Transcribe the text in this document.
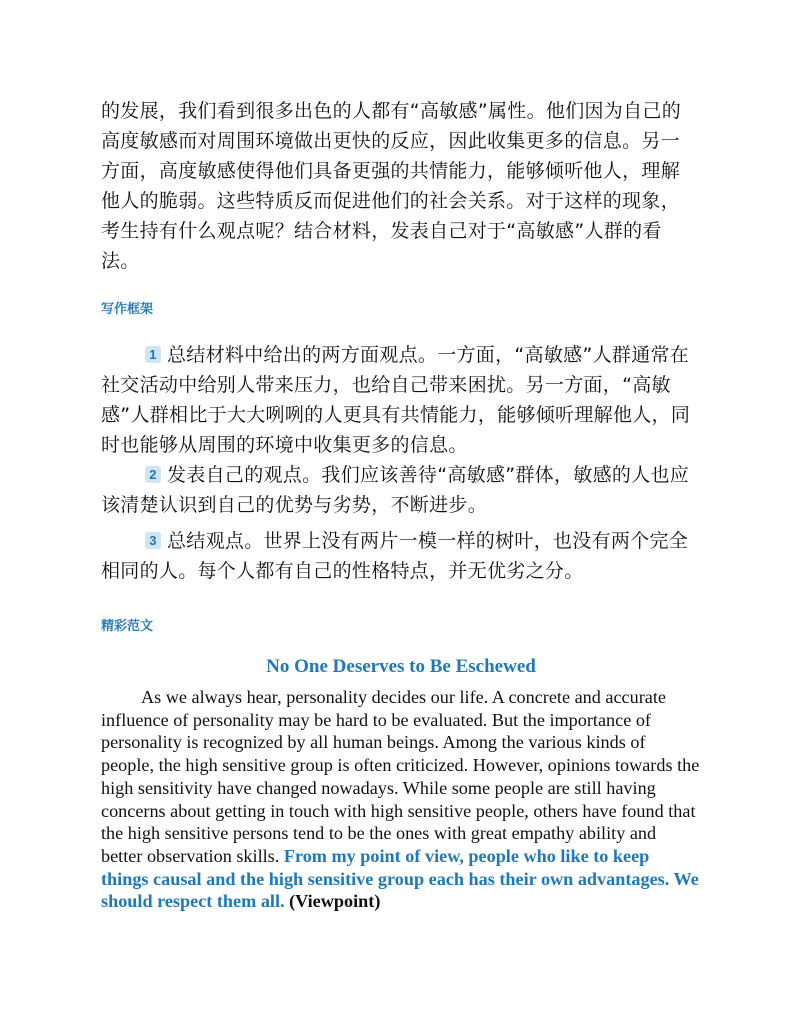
的发展，我们看到很多出色的人都有“高敏感”属性。他们因为自己的
高度敏感而对周围环境做出更快的反应，因此收集更多的信息。另一
方面，高度敏感使得他们具备更强的共情能力，能够倾听他人，理解
他人的脆弱。这些特质反而促进他们的社会关系。对于这样的现象，
考生持有什么观点呢？结合材料，发表自己对于“高敏感”人群的看
法。
写作框架
1 总结材料中给出的两方面观点。一方面，“高敏感”人群通常在
社交活动中给别人带来压力，也给自己带来困扰。另一方面，“高敏
感”人群相比于大大咧咧的人更具有共情能力，能够倾听理解他人，同
时也能够从周围的环境中收集更多的信息。
2 发表自己的观点。我们应该善待“高敏感”群体，敏感的人也应
该清楚认识到自己的优势与劣势，不断进步。
3 总结观点。世界上没有两片一模一样的树叶，也没有两个完全
相同的人。每个人都有自己的性格特点，并无优劣之分。
精彩范文
No One Deserves to Be Eschewed

As we always hear, personality decides our life. A concrete and accurate influence of personality may be hard to be evaluated. But the importance of personality is recognized by all human beings. Among the various kinds of people, the high sensitive group is often criticized. However, opinions towards the high sensitivity have changed nowadays. While some people are still having concerns about getting in touch with high sensitive people, others have found that the high sensitive persons tend to be the ones with great empathy ability and better observation skills. From my point of view, people who like to keep things causal and the high sensitive group each has their own advantages. We should respect them all. (Viewpoint)
